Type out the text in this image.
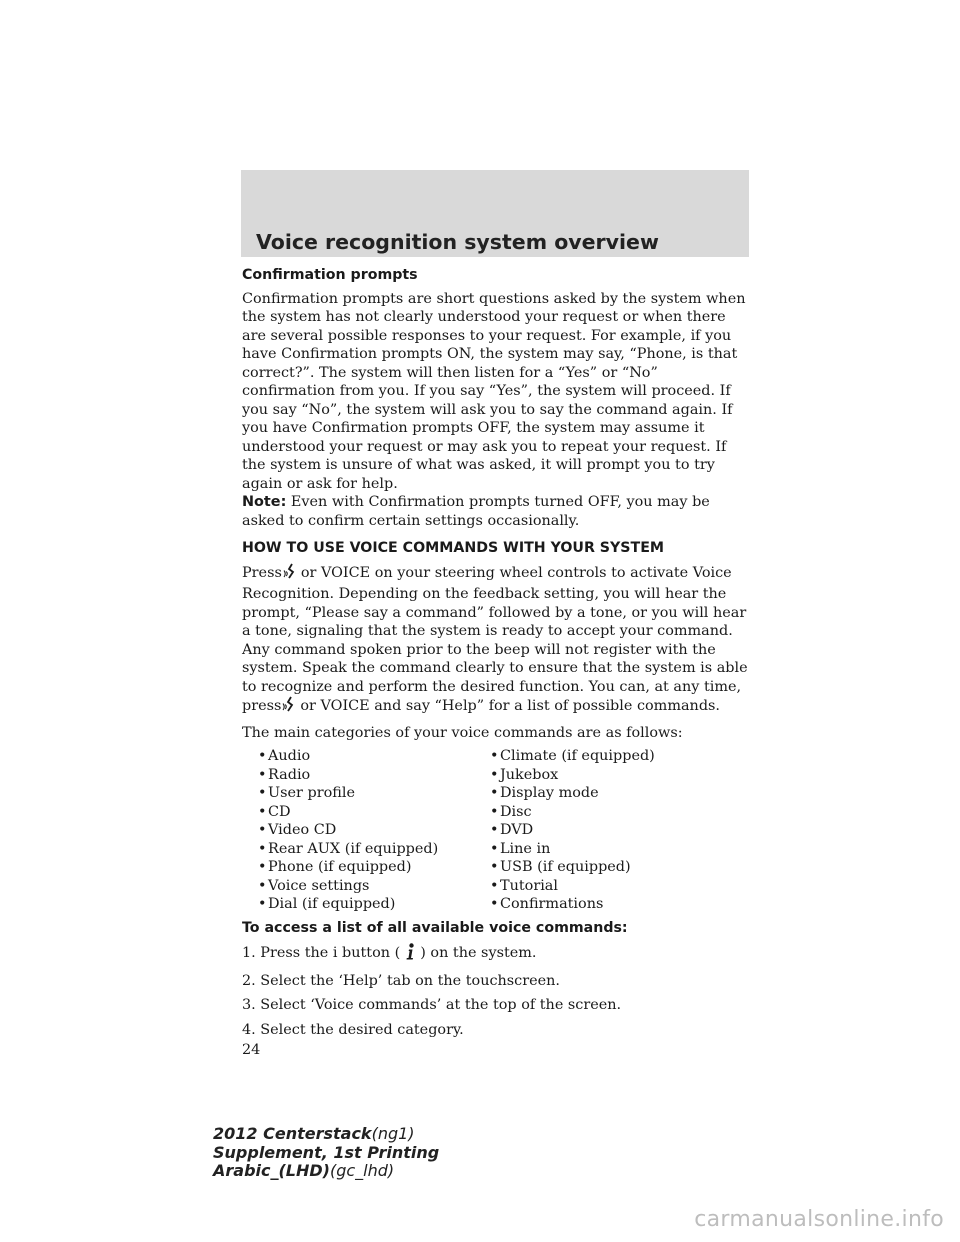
Voice recognition system overview

Confirmation prompts

Confirmation prompts are short questions asked by the system when the system has not clearly understood your request or when there are several possible responses to your request. For example, if you have Confirmation prompts ON, the system may say, “Phone, is that correct?”. The system will then listen for a “Yes” or “No” confirmation from you. If you say “Yes”, the system will proceed. If you say “No”, the system will ask you to say the command again. If you have Confirmation prompts OFF, the system may assume it understood your request or may ask you to repeat your request. If the system is unsure of what was asked, it will prompt you to try again or ask for help.

Note: Even with Confirmation prompts turned OFF, you may be asked to confirm certain settings occasionally.

HOW TO USE VOICE COMMANDS WITH YOUR SYSTEM

Press or VOICE on your steering wheel controls to activate Voice Recognition. Depending on the feedback setting, you will hear the prompt, “Please say a command” followed by a tone, or you will hear a tone, signaling that the system is ready to accept your command. Any command spoken prior to the beep will not register with the system. Speak the command clearly to ensure that the system is able to recognize and perform the desired function. You can, at any time, press or VOICE and say “Help” for a list of possible commands.

The main categories of your voice commands are as follows:

• Audio	• Climate (if equipped)
• Radio	• Jukebox
• User profile	• Display mode
• CD	• Disc
• Video CD	• DVD
• Rear AUX (if equipped)	• Line in
• Phone (if equipped)	• USB (if equipped)
• Voice settings	• Tutorial
• Dial (if equipped)	• Confirmations

To access a list of all available voice commands:

1. Press the i button ( ) on the system.

2. Select the ‘Help’ tab on the touchscreen.

3. Select ‘Voice commands’ at the top of the screen.

4. Select the desired category.

24

2012 Centerstack(ng1)
Supplement, 1st Printing
Arabic_(LHD)(gc_lhd)
carmanualsonline.info
